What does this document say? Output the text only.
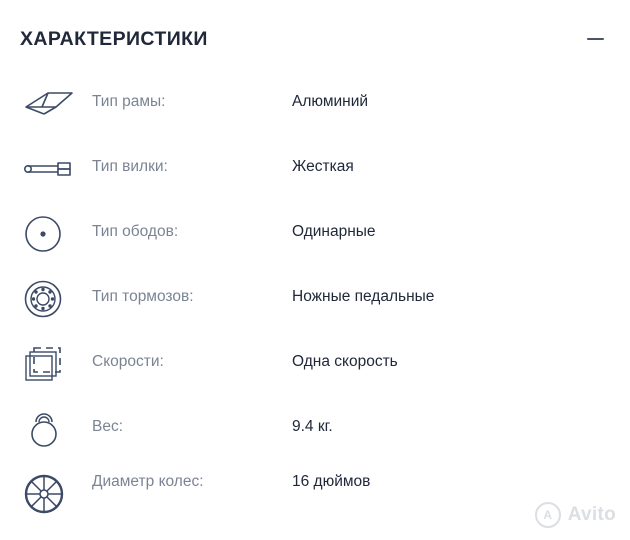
ХАРАКТЕРИСТИКИ
Тип рамы:	Алюминий
Тип вилки:	Жесткая
Тип ободов:	Одинарные
Тип тормозов:	Ножные педальные
Скорости:	Одна скорость
Вес:	9.4 кг.
Диаметр колес:	16 дюймов
A Avito
